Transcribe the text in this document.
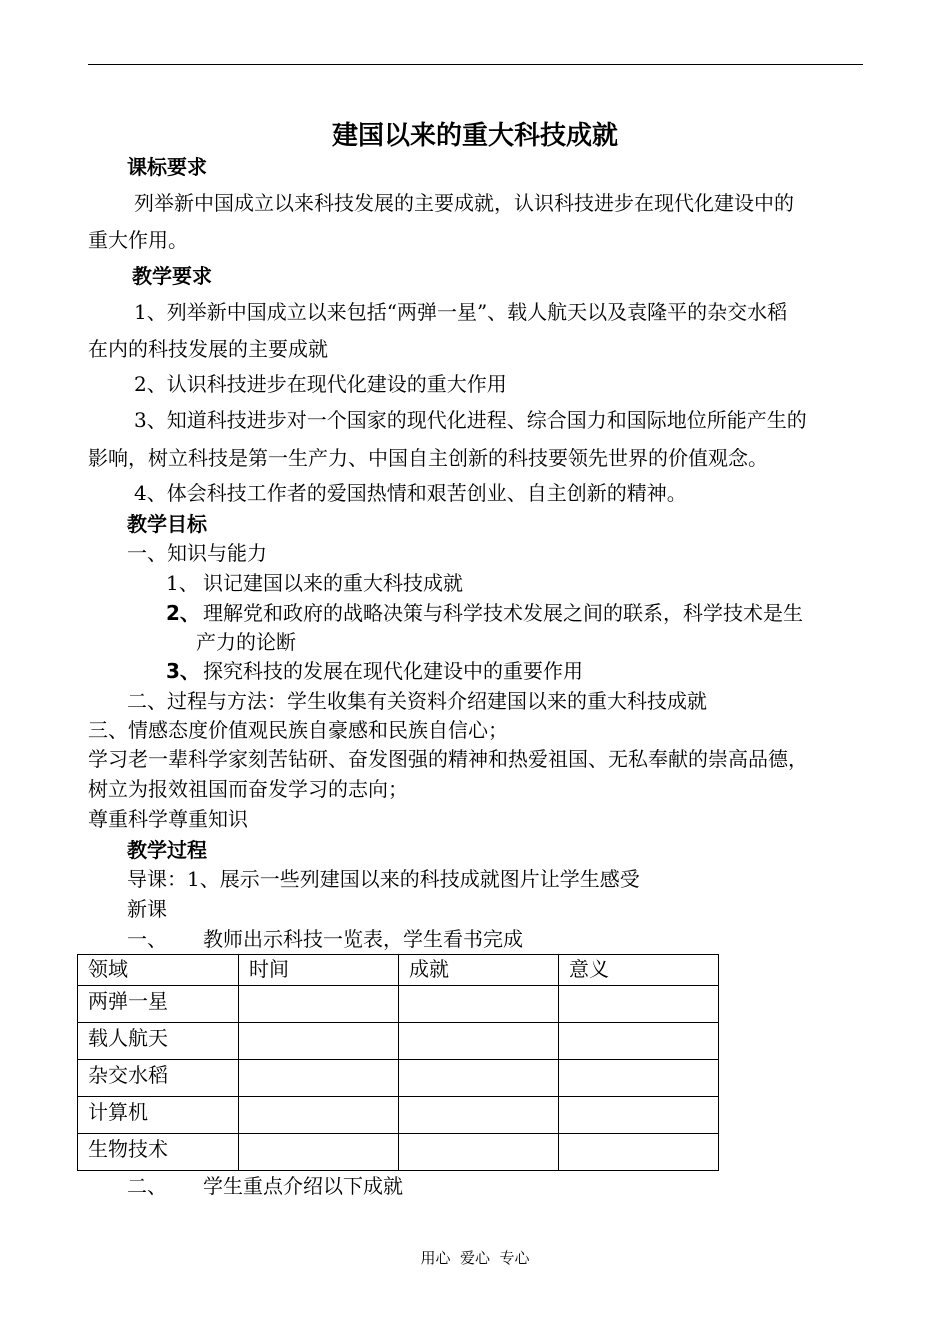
建国以来的重大科技成就
课标要求
列举新中国成立以来科技发展的主要成就，认识科技进步在现代化建设中的
重大作用。
教学要求
1、列举新中国成立以来包括“两弹一星”、载人航天以及袁隆平的杂交水稻
在内的科技发展的主要成就
2、认识科技进步在现代化建设的重大作用
3、知道科技进步对一个国家的现代化进程、综合国力和国际地位所能产生的
影响，树立科技是第一生产力、中国自主创新的科技要领先世界的价值观念。
4、体会科技工作者的爱国热情和艰苦创业、自主创新的精神。
教学目标
一、知识与能力
1、 识记建国以来的重大科技成就
2、 理解党和政府的战略决策与科学技术发展之间的联系，科学技术是生
产力的论断
3、 探究科技的发展在现代化建设中的重要作用
二、过程与方法：学生收集有关资料介绍建国以来的重大科技成就
三、情感态度价值观民族自豪感和民族自信心；
学习老一辈科学家刻苦钻研、奋发图强的精神和热爱祖国、无私奉献的崇高品德，
树立为报效祖国而奋发学习的志向；
尊重科学尊重知识
教学过程
导课：1、展示一些列建国以来的科技成就图片让学生感受
新课
一、 教师出示科技一览表，学生看书完成
领域	时间	成就	意义
两弹一星			
载人航天			
杂交水稻			
计算机			
生物技术			
二、 学生重点介绍以下成就
用心  爱心  专心
